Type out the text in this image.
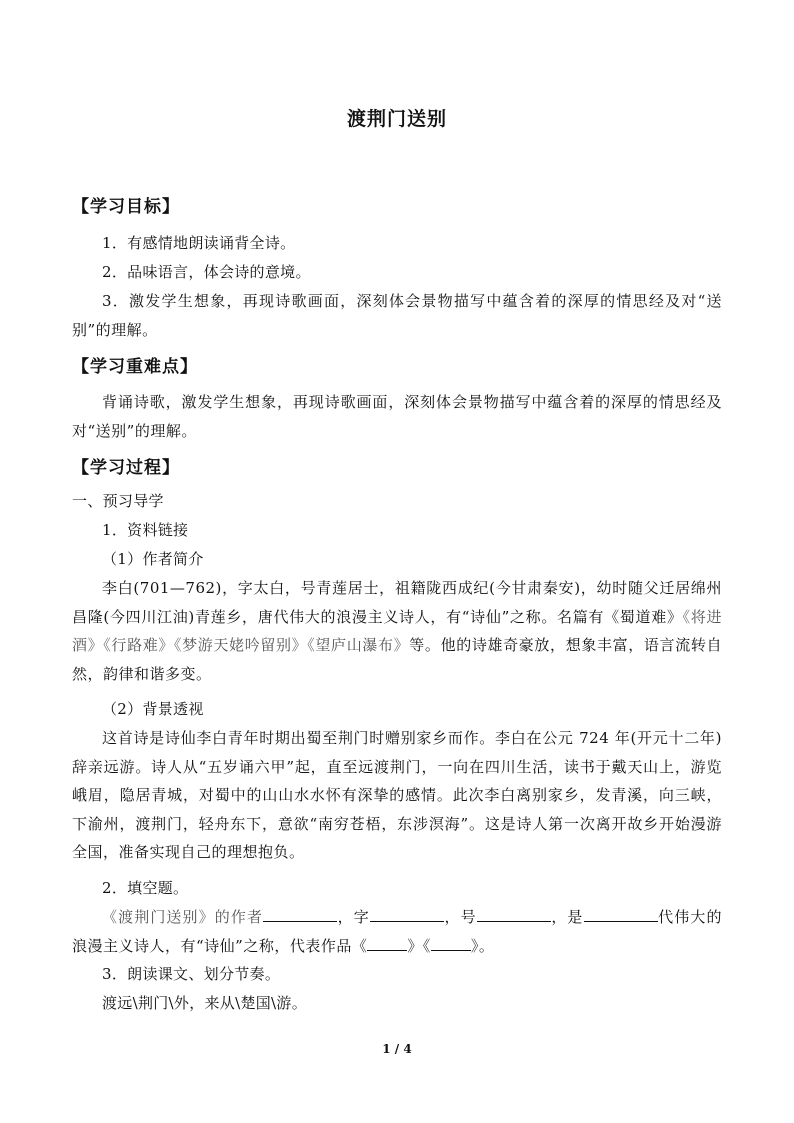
渡荆门送别
【学习目标】
1．有感情地朗读诵背全诗。
2．品味语言，体会诗的意境。
3．激发学生想象，再现诗歌画面，深刻体会景物描写中蕴含着的深厚的情思经及对“送别”的理解。
【学习重难点】
背诵诗歌，激发学生想象，再现诗歌画面，深刻体会景物描写中蕴含着的深厚的情思经及对“送别”的理解。
【学习过程】
一、预习导学
1．资料链接
（1）作者简介
李白(701—762)，字太白，号青莲居士，祖籍陇西成纪(今甘肃秦安)，幼时随父迁居绵州昌隆(今四川江油)青莲乡，唐代伟大的浪漫主义诗人，有“诗仙”之称。名篇有《蜀道难》《将进酒》《行路难》《梦游天姥吟留别》《望庐山瀑布》等。他的诗雄奇豪放，想象丰富，语言流转自然，韵律和谐多变。
（2）背景透视
这首诗是诗仙李白青年时期出蜀至荆门时赠别家乡而作。李白在公元 724 年(开元十二年)辞亲远游。诗人从“五岁诵六甲”起，直至远渡荆门，一向在四川生活，读书于戴天山上，游览峨眉，隐居青城，对蜀中的山山水水怀有深挚的感情。此次李白离别家乡，发青溪，向三峡，下渝州，渡荆门，轻舟东下，意欲“南穷苍梧，东涉溟海”。这是诗人第一次离开故乡开始漫游全国，准备实现自己的理想抱负。
2．填空题。
《渡荆门送别》的作者	，字	，号	，是	代伟大的浪漫主义诗人，有“诗仙”之称，代表作品《	》《	》。
3．朗读课文、划分节奏。
渡远\荆门\外，来从\楚国\游。
1 / 4
